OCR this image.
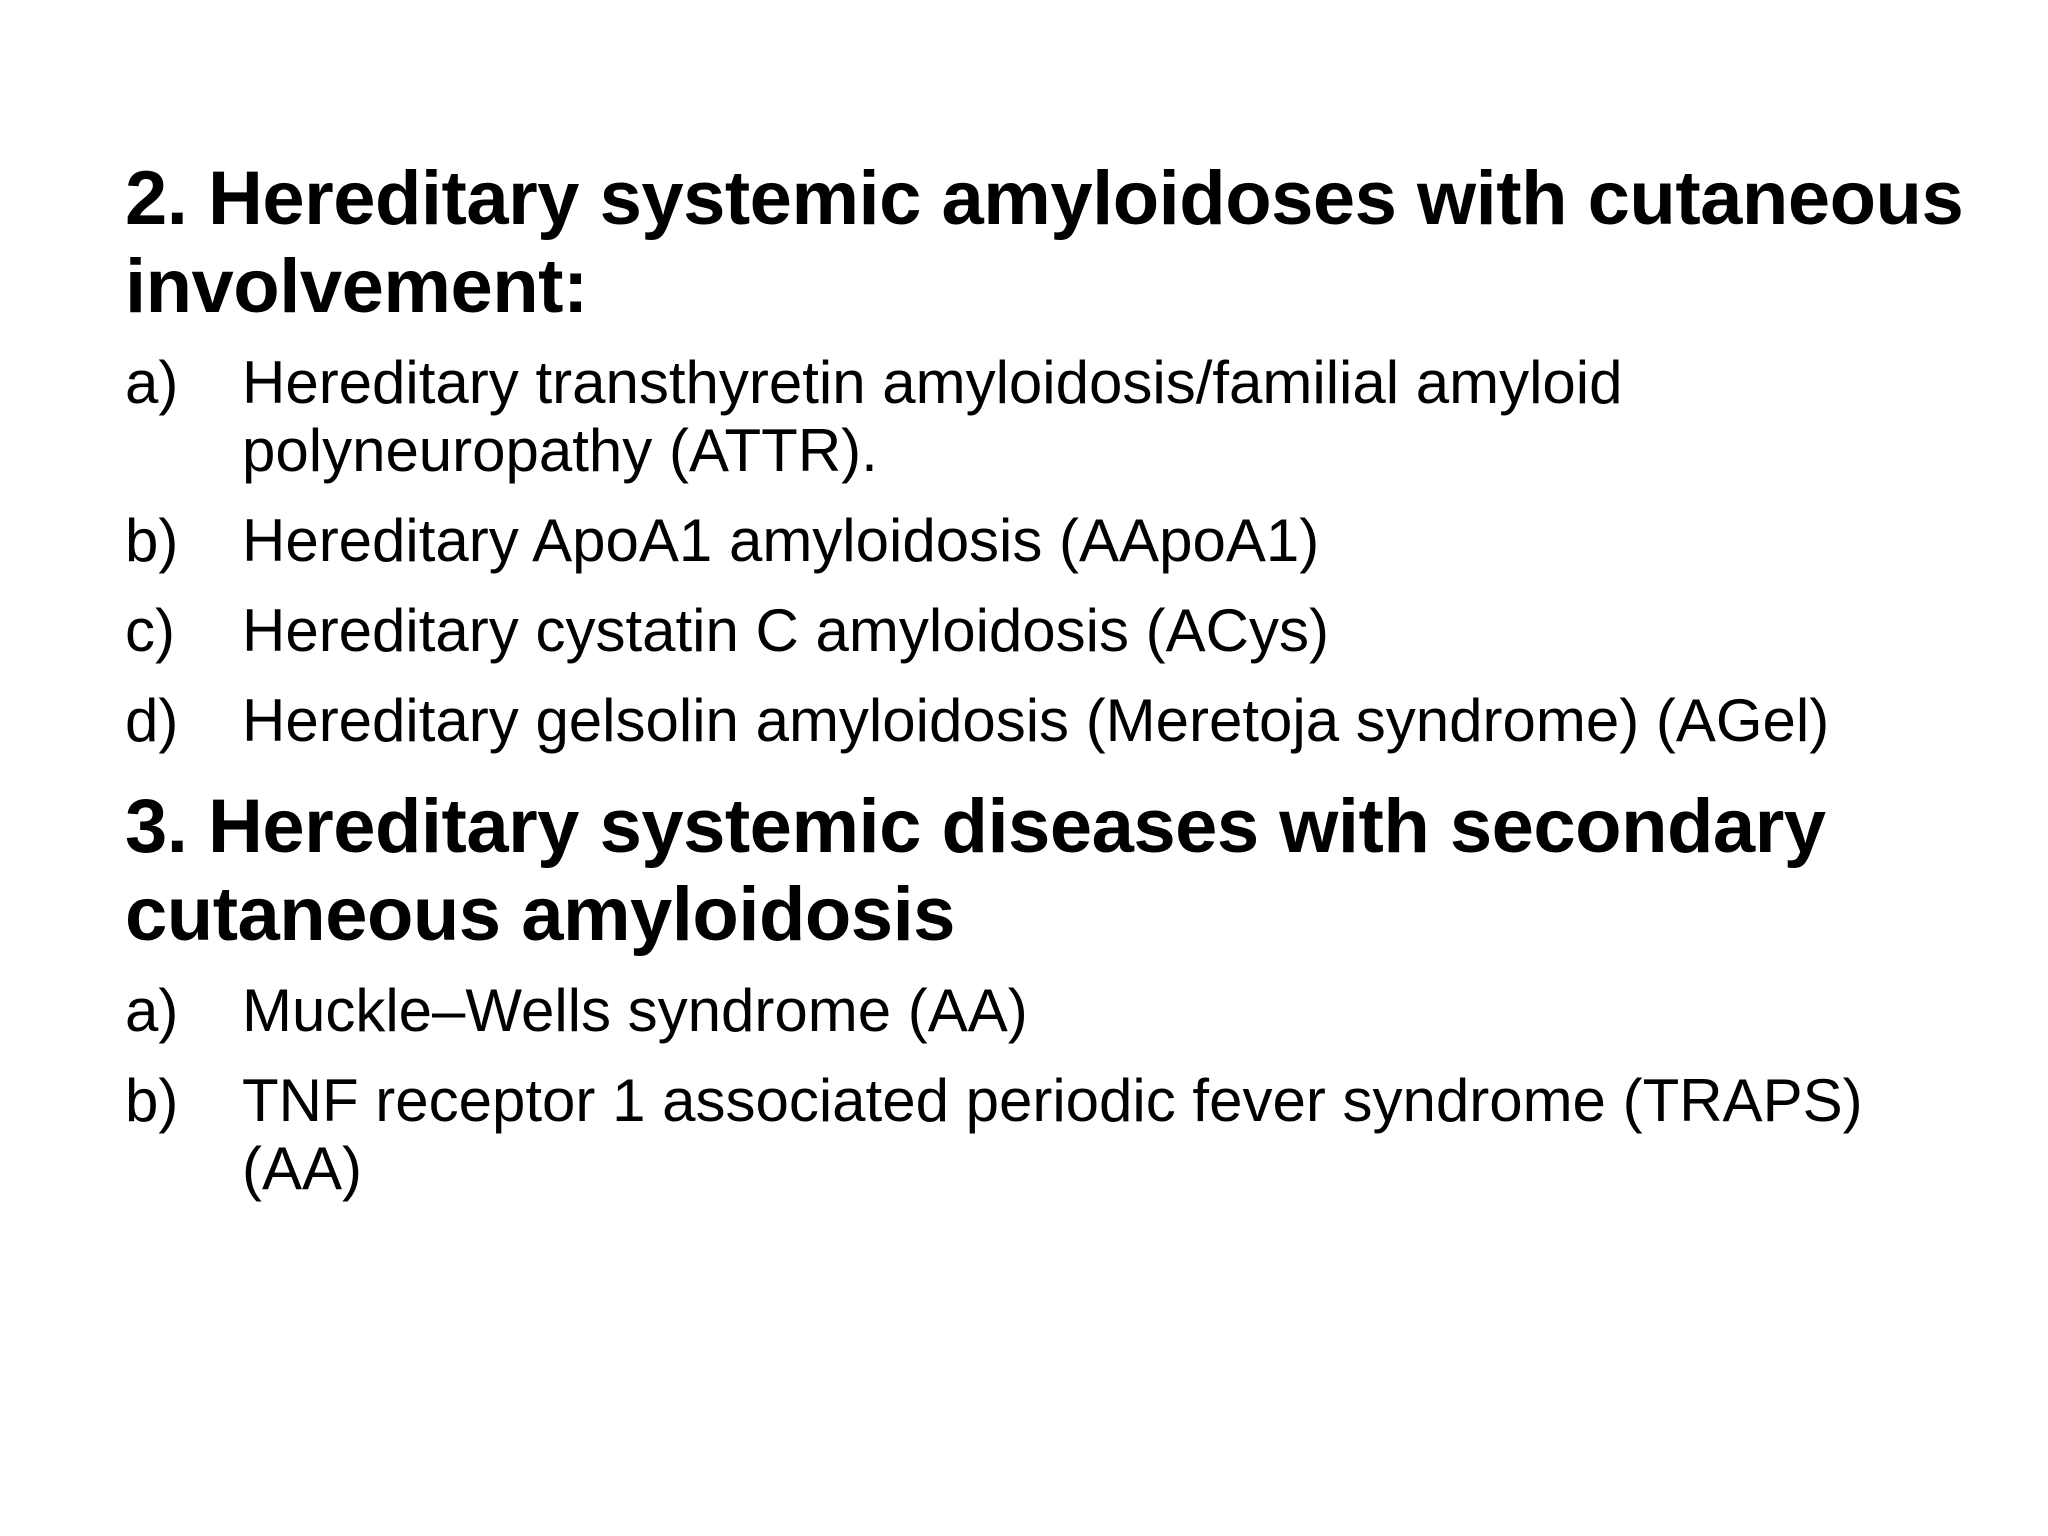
2. Hereditary systemic amyloidoses with cutaneous involvement:
a)	Hereditary transthyretin amyloidosis/familial amyloid polyneuropathy (ATTR).
b)	Hereditary ApoA1 amyloidosis (AApoA1)
c)	Hereditary cystatin C amyloidosis (ACys)
d)	Hereditary gelsolin amyloidosis (Meretoja syndrome) (AGel)
3. Hereditary systemic diseases with secondary cutaneous amyloidosis
a)	Muckle–Wells syndrome (AA)
b)	TNF receptor 1 associated periodic fever syndrome (TRAPS) (AA)
